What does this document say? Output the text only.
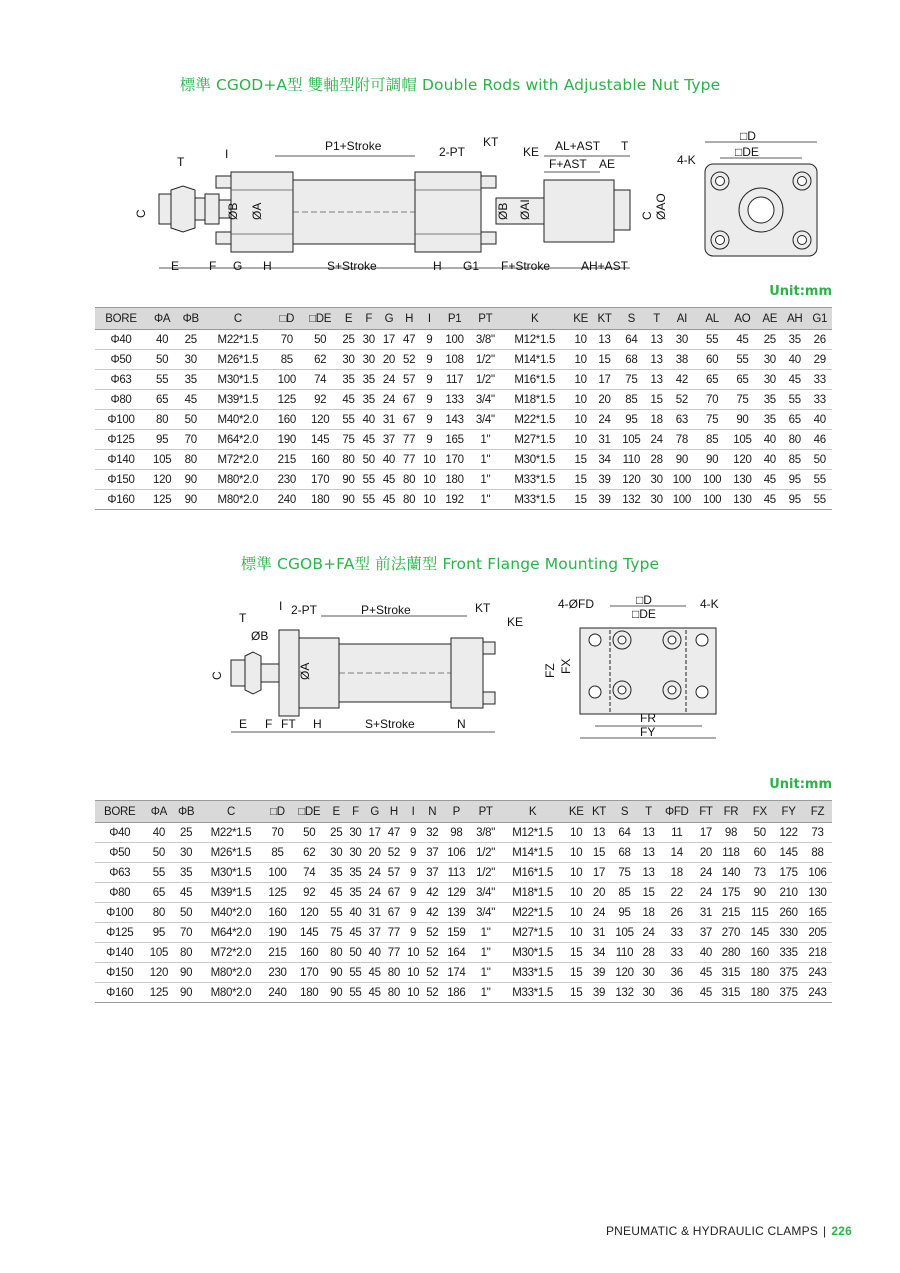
標準 CGOD+A型 雙軸型附可調帽 Double Rods with Adjustable Nut Type
T
I
P1+Stroke	2-PT
KT
KE AL+AST T
F+AST AE
C	ØB ØA	ØB ØAI	C ØAO
E F G H	S+Stroke	H G1 F+Stroke	AH+AST
□D
□DE
4-K
Unit:mm
BORE	ΦA	ΦB	C	□D	□DE	E	F	G	H	I	P1	PT	K	KE	KT	S	T	AI	AL	AO	AE	AH	G1
Φ40	40	25	M22*1.5	70	50	25	30	17	47	9	100	3/8"	M12*1.5	10	13	64	13	30	55	45	25	35	26
Φ50	50	30	M26*1.5	85	62	30	30	20	52	9	108	1/2"	M14*1.5	10	15	68	13	38	60	55	30	40	29
Φ63	55	35	M30*1.5	100	74	35	35	24	57	9	117	1/2"	M16*1.5	10	17	75	13	42	65	65	30	45	33
Φ80	65	45	M39*1.5	125	92	45	35	24	67	9	133	3/4"	M18*1.5	10	20	85	15	52	70	75	35	55	33
Φ100	80	50	M40*2.0	160	120	55	40	31	67	9	143	3/4"	M22*1.5	10	24	95	18	63	75	90	35	65	40
Φ125	95	70	M64*2.0	190	145	75	45	37	77	9	165	1"	M27*1.5	10	31	105	24	78	85	105	40	80	46
Φ140	105	80	M72*2.0	215	160	80	50	40	77	10	170	1"	M30*1.5	15	34	110	28	90	90	120	40	85	50
Φ150	120	90	M80*2.0	230	170	90	55	45	80	10	180	1"	M33*1.5	15	39	120	30	100	100	130	45	95	55
Φ160	125	90	M80*2.0	240	180	90	55	45	80	10	192	1"	M33*1.5	15	39	132	30	100	100	130	45	95	55
標準 CGOB+FA型 前法蘭型 Front Flange Mounting Type
T
I 2-PT	P+Stroke	KT
KE
ØB
C	ØA
E F FT H	S+Stroke	N
4-ØFD	□D
□DE
4-K
FZ FX
FR
FY
Unit:mm
BORE	ΦA	ΦB	C	□D	□DE	E	F	G	H	I	N	P	PT	K	KE	KT	S	T	ΦFD	FT	FR	FX	FY	FZ
Φ40	40	25	M22*1.5	70	50	25	30	17	47	9	32	98	3/8"	M12*1.5	10	13	64	13	11	17	98	50	122	73
Φ50	50	30	M26*1.5	85	62	30	30	20	52	9	37	106	1/2"	M14*1.5	10	15	68	13	14	20	118	60	145	88
Φ63	55	35	M30*1.5	100	74	35	35	24	57	9	37	113	1/2"	M16*1.5	10	17	75	13	18	24	140	73	175	106
Φ80	65	45	M39*1.5	125	92	45	35	24	67	9	42	129	3/4"	M18*1.5	10	20	85	15	22	24	175	90	210	130
Φ100	80	50	M40*2.0	160	120	55	40	31	67	9	42	139	3/4"	M22*1.5	10	24	95	18	26	31	215	115	260	165
Φ125	95	70	M64*2.0	190	145	75	45	37	77	9	52	159	1"	M27*1.5	10	31	105	24	33	37	270	145	330	205
Φ140	105	80	M72*2.0	215	160	80	50	40	77	10	52	164	1"	M30*1.5	15	34	110	28	33	40	280	160	335	218
Φ150	120	90	M80*2.0	230	170	90	55	45	80	10	52	174	1"	M33*1.5	15	39	120	30	36	45	315	180	375	243
Φ160	125	90	M80*2.0	240	180	90	55	45	80	10	52	186	1"	M33*1.5	15	39	132	30	36	45	315	180	375	243
PNEUMATIC & HYDRAULIC CLAMPS | 226
